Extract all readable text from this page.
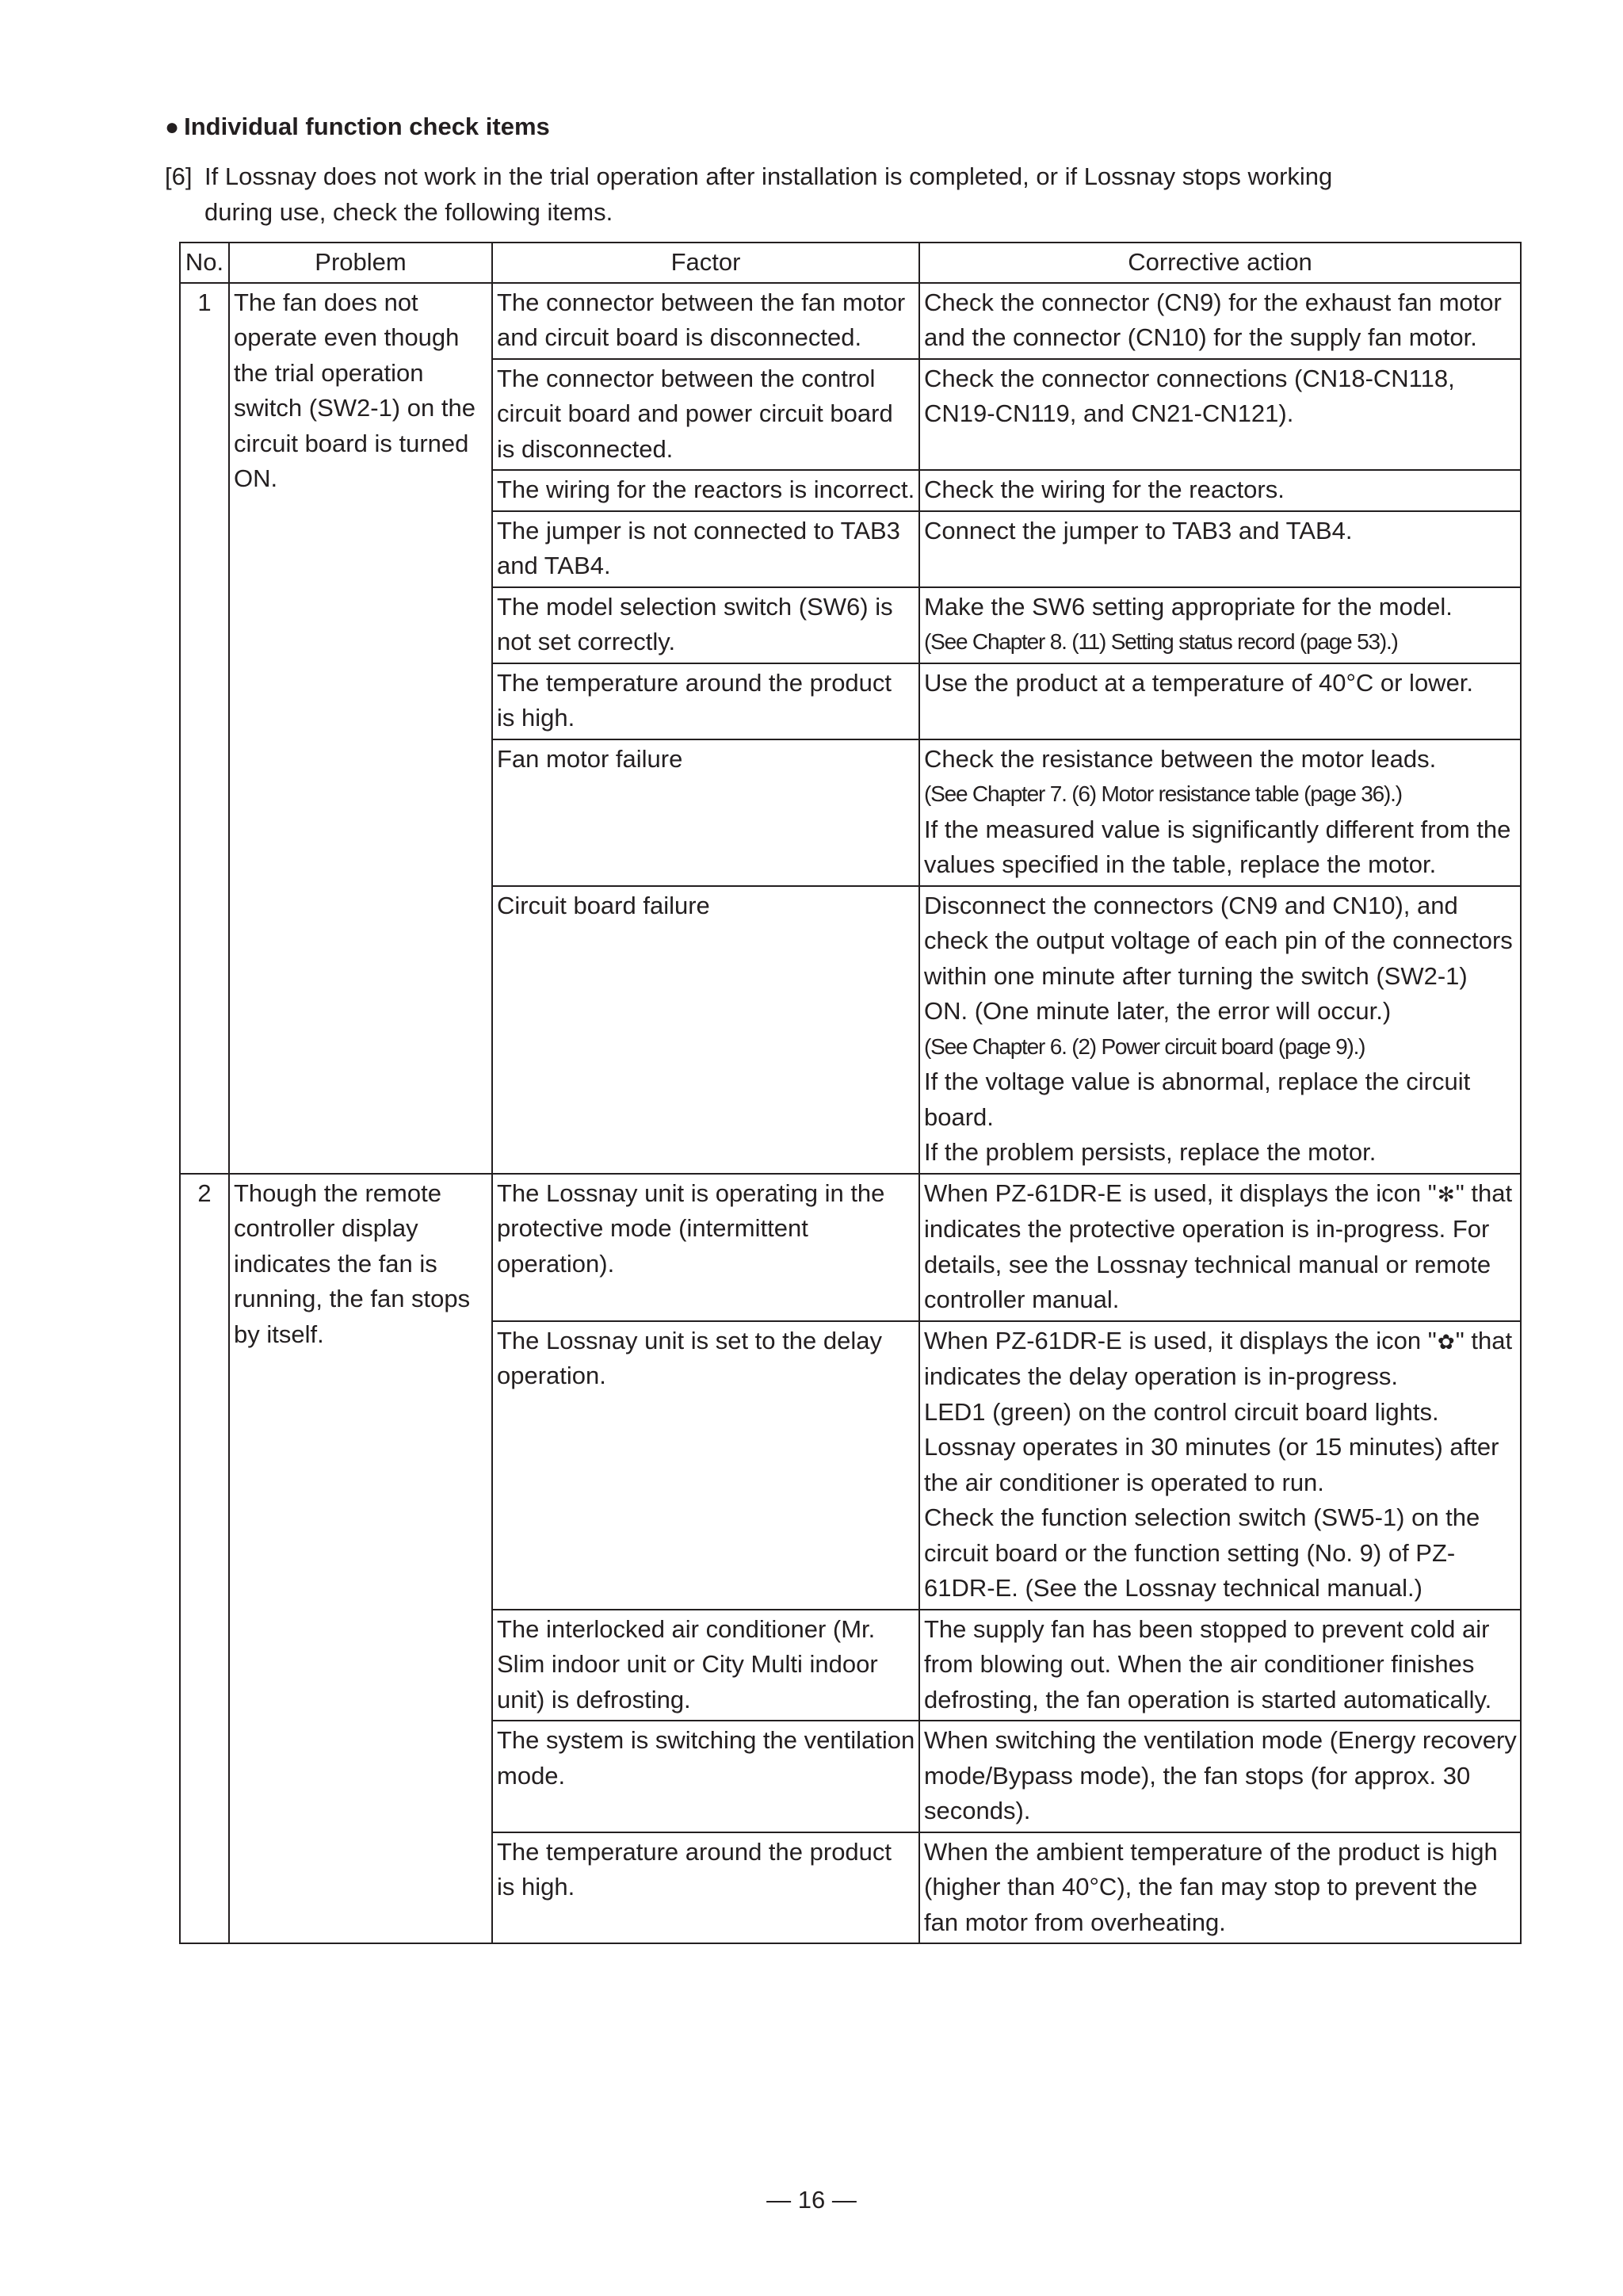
● Individual function check items
[6] If Lossnay does not work in the trial operation after installation is completed, or if Lossnay stops working
during use, check the following items.
No.	Problem	Factor	Corrective action
1	The fan does not operate even though the trial operation switch (SW2-1) on the circuit board is turned ON.	The connector between the fan motor and circuit board is disconnected.	Check the connector (CN9) for the exhaust fan motor and the connector (CN10) for the supply fan motor.
		The connector between the control circuit board and power circuit board is disconnected.	Check the connector connections (CN18-CN118, CN19-CN119, and CN21-CN121).
		The wiring for the reactors is incorrect.	Check the wiring for the reactors.
		The jumper is not connected to TAB3 and TAB4.	Connect the jumper to TAB3 and TAB4.
		The model selection switch (SW6) is not set correctly.	Make the SW6 setting appropriate for the model.
(See Chapter 8. (11) Setting status record (page 53).)

		The temperature around the product is high.	Use the product at a temperature of 40°C or lower.
		Fan motor failure	Check the resistance between the motor leads.
(See Chapter 7. (6) Motor resistance table (page 36).)
If the measured value is significantly different from the values specified in the table, replace the motor.

		Circuit board failure	Disconnect the connectors (CN9 and CN10), and check the output voltage of each pin of the connectors within one minute after turning the switch (SW2-1) ON. (One minute later, the error will occur.)
(See Chapter 6. (2) Power circuit board (page 9).)
If the voltage value is abnormal, replace the circuit board.
If the problem persists, replace the motor.

2	Though the remote controller display indicates the fan is running, the fan stops by itself.	The Lossnay unit is operating in the protective mode (intermittent operation).	When PZ-61DR-E is used, it displays the icon "✻" that indicates the protective operation is in-progress. For details, see the Lossnay technical manual or remote controller manual.
		The Lossnay unit is set to the delay operation.	When PZ-61DR-E is used, it displays the icon "✿" that indicates the delay operation is in-progress.
LED1 (green) on the control circuit board lights.
Lossnay operates in 30 minutes (or 15 minutes) after the air conditioner is operated to run.
Check the function selection switch (SW5-1) on the circuit board or the function setting (No. 9) of PZ-61DR-E. (See the Lossnay technical manual.)

		The interlocked air conditioner (Mr. Slim indoor unit or City Multi indoor unit) is defrosting.	The supply fan has been stopped to prevent cold air from blowing out. When the air conditioner finishes defrosting, the fan operation is started automatically.
		The system is switching the ventilation mode.	When switching the ventilation mode (Energy recovery mode/Bypass mode), the fan stops (for approx. 30 seconds).
		The temperature around the product is high.	When the ambient temperature of the product is high (higher than 40°C), the fan may stop to prevent the fan motor from overheating.
― 16 ―
